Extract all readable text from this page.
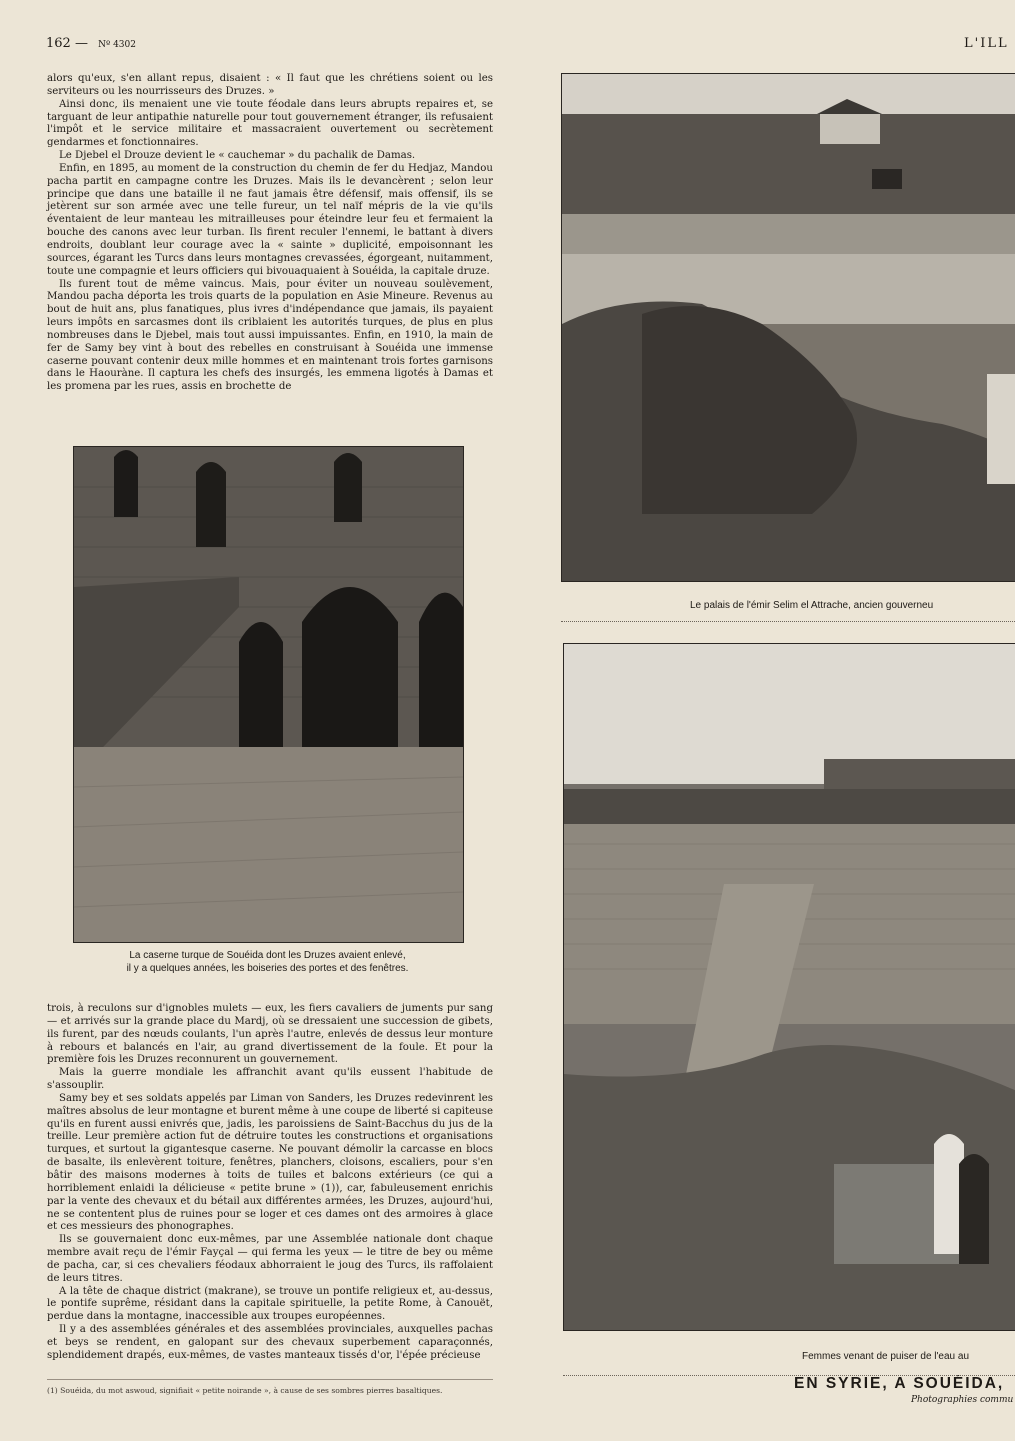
162 — Nº 4302	L'ILL

alors qu'eux, s'en allant repus, disaient : « Il faut que les chrétiens soient ou les serviteurs ou les nourrisseurs des Druzes. »

Ainsi donc, ils menaient une vie toute féodale dans leurs abrupts repaires et, se targuant de leur antipathie naturelle pour tout gouvernement étranger, ils refusaient l'impôt et le service militaire et massacraient ouvertement ou secrètement gendarmes et fonctionnaires.

Le Djebel el Drouze devient le « cauchemar » du pachalik de Damas.

Enfin, en 1895, au moment de la construction du chemin de fer du Hedjaz, Mandou pacha partit en campagne contre les Druzes. Mais ils le devancèrent ; selon leur principe que dans une bataille il ne faut jamais être défensif, mais offensif, ils se jetèrent sur son armée avec une telle fureur, un tel naïf mépris de la vie qu'ils éventaient de leur manteau les mitrailleuses pour éteindre leur feu et fermaient la bouche des canons avec leur turban. Ils firent reculer l'ennemi, le battant à divers endroits, doublant leur courage avec la « sainte » duplicité, empoisonnant les sources, égarant les Turcs dans leurs montagnes crevassées, égorgeant, nuitamment, toute une compagnie et leurs officiers qui bivouaquaient à Souéida, la capitale druze.

Ils furent tout de même vaincus. Mais, pour éviter un nouveau soulèvement, Mandou pacha déporta les trois quarts de la population en Asie Mineure. Revenus au bout de huit ans, plus fanatiques, plus ivres d'indépendance que jamais, ils payaient leurs impôts en sarcasmes dont ils criblaient les autorités turques, de plus en plus nombreuses dans le Djebel, mais tout aussi impuissantes. Enfin, en 1910, la main de fer de Samy bey vint à bout des rebelles en construisant à Souéida une immense caserne pouvant contenir deux mille hommes et en maintenant trois fortes garnisons dans le Haouràne. Il captura les chefs des insurgés, les emmena ligotés à Damas et les promena par les rues, assis en brochette de

La caserne turque de Souéida dont les Druzes avaient enlevé,
il y a quelques années, les boiseries des portes et des fenêtres.

trois, à reculons sur d'ignobles mulets — eux, les fiers cavaliers de juments pur sang — et arrivés sur la grande place du Mardj, où se dressaient une succession de gibets, ils furent, par des nœuds coulants, l'un après l'autre, enlevés de dessus leur monture à rebours et balancés en l'air, au grand divertissement de la foule. Et pour la première fois les Druzes reconnurent un gouvernement.

Mais la guerre mondiale les affranchit avant qu'ils eussent l'habitude de s'assouplir.

Samy bey et ses soldats appelés par Liman von Sanders, les Druzes redevinrent les maîtres absolus de leur montagne et burent même à une coupe de liberté si capiteuse qu'ils en furent aussi enivrés que, jadis, les paroissiens de Saint-Bacchus du jus de la treille. Leur première action fut de détruire toutes les constructions et organisations turques, et surtout la gigantesque caserne. Ne pouvant démolir la carcasse en blocs de basalte, ils enlevèrent toiture, fenêtres, planchers, cloisons, escaliers, pour s'en bâtir des maisons modernes à toits de tuiles et balcons extérieurs (ce qui a horriblement enlaidi la délicieuse « petite brune » (1)), car, fabuleusement enrichis par la vente des chevaux et du bétail aux différentes armées, les Druzes, aujourd'hui, ne se contentent plus de ruines pour se loger et ces dames ont des armoires à glace et ces messieurs des phonographes.

Ils se gouvernaient donc eux-mêmes, par une Assemblée nationale dont chaque membre avait reçu de l'émir Fayçal — qui ferma les yeux — le titre de bey ou même de pacha, car, si ces chevaliers féodaux abhorraient le joug des Turcs, ils raffolaient de leurs titres.

A la tête de chaque district (makrane), se trouve un pontife religieux et, au-dessus, le pontife suprême, résidant dans la capitale spirituelle, la petite Rome, à Canouët, perdue dans la montagne, inaccessible aux troupes européennes.

Il y a des assemblées générales et des assemblées provinciales, auxquelles pachas et beys se rendent, en galopant sur des chevaux superbement caparaçonnés, splendidement drapés, eux-mêmes, de vastes manteaux tissés d'or, l'épée précieuse

(1) Souéida, du mot aswoud, signifiait « petite noirande », à cause de ses sombres pierres basaltiques.
Le palais de l'émir Selim el Attrache, ancien gouverneu
Femmes venant de puiser de l'eau au
EN SYRIE, A SOUÉIDA,
Photographies commu
